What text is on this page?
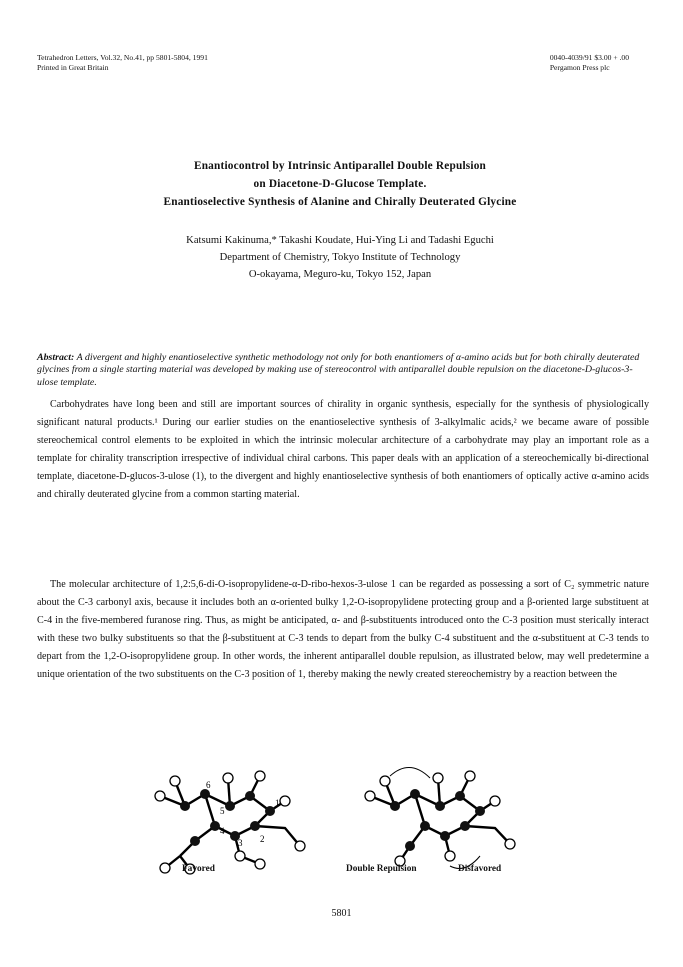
Tetrahedron Letters, Vol.32, No.41, pp 5801-5804, 1991
Printed in Great Britain
0040-4039/91 $3.00 + .00
Pergamon Press plc
Enantiocontrol by Intrinsic Antiparallel Double Repulsion
on Diacetone-D-Glucose Template.
Enantioselective Synthesis of Alanine and Chirally Deuterated Glycine
Katsumi Kakinuma,* Takashi Koudate, Hui-Ying Li and Tadashi Eguchi
Department of Chemistry, Tokyo Institute of Technology
O-okayama, Meguro-ku, Tokyo 152, Japan
Abstract: A divergent and highly enantioselective synthetic methodology not only for both enantiomers of α-amino acids but for both chirally deuterated glycines from a single starting material was developed by making use of stereocontrol with antiparallel double repulsion on the diacetone-D-glucos-3-ulose template.

Carbohydrates have long been and still are important sources of chirality in organic synthesis, especially for the synthesis of physiologically significant natural products.¹ During our earlier studies on the enantioselective synthesis of 3-alkylmalic acids,² we became aware of possible stereochemical control elements to be exploited in which the intrinsic molecular architecture of a carbohydrate may play an important role as a template for chirality transcription irrespective of individual chiral carbons. This paper deals with an application of a stereochemically bi-directional template, diacetone-D-glucos-3-ulose (1), to the divergent and highly enantioselective synthesis of both enantiomers of optically active α-amino acids and chirally deuterated glycine from a common starting material.

The molecular architecture of 1,2:5,6-di-O-isopropylidene-α-D-ribo-hexos-3-ulose 1 can be regarded as possessing a sort of C₂ symmetric nature about the C-3 carbonyl axis, because it includes both an α-oriented bulky 1,2-O-isopropylidene protecting group and a β-oriented large substituent at C-4 in the five-membered furanose ring. Thus, as might be anticipated, α- and β-substituents introduced onto the C-3 position must sterically interact with these two bulky substituents so that the β-substituent at C-3 tends to depart from the bulky C-4 substituent and the α-substituent at C-3 tends to depart from the 1,2-O-isopropylidene group. In other words, the inherent antiparallel double repulsion, as illustrated below, may well predetermine a unique orientation of the two substituents on the C-3 position of 1, thereby making the newly created stereochemistry by a reaction between the

6
5
4
1
2
3
Favored	Double Repulsion	Disfavored
5801
